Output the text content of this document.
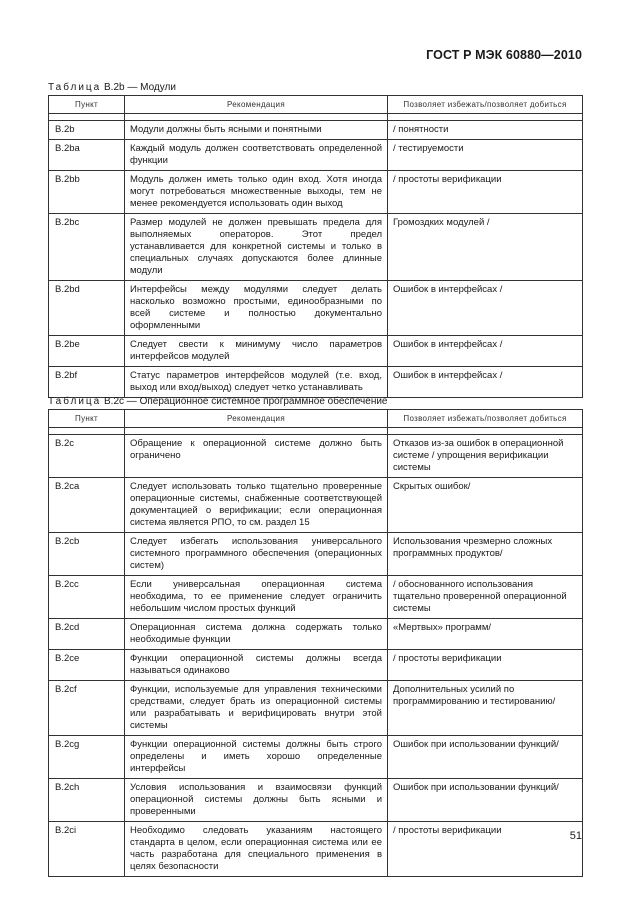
ГОСТ Р МЭК 60880—2010
Таблица B.2b — Модули
Пункт	Рекомендация	Позволяет избежать/позволяет добиться

B.2b	Модули должны быть ясными и понятными	/ понятности
B.2ba	Каждый модуль должен соответствовать определенной функции	/ тестируемости
B.2bb	Модуль должен иметь только один вход. Хотя иногда могут потребоваться множественные выходы, тем не менее рекомендуется использовать один выход	/ простоты верификации
B.2bc	Размер модулей не должен превышать предела для выполняемых операторов. Этот предел устанавливается для конкретной системы и только в специальных случаях допускаются более длинные модули	Громоздких модулей /
B.2bd	Интерфейсы между модулями следует делать насколько возможно простыми, единообразными по всей системе и полностью документально оформленными	Ошибок в интерфейсах /
B.2be	Следует свести к минимуму число параметров интерфейсов модулей	Ошибок в интерфейсах /
B.2bf	Статус параметров интерфейсов модулей (т.е. вход, выход или вход/выход) следует четко устанавливать	Ошибок в интерфейсах /
Таблица B.2c — Операционное системное программное обеспечение
Пункт	Рекомендация	Позволяет избежать/позволяет добиться

B.2c	Обращение к операционной системе должно быть ограничено	Отказов из-за ошибок в операционной системе / упрощения верификации системы
B.2ca	Следует использовать только тщательно проверенные операционные системы, снабженные соответствующей документацией о верификации; если операционная система является РПО, то см. раздел 15	Скрытых ошибок/
B.2cb	Следует избегать использования универсального системного программного обеспечения (операционных систем)	Использования чрезмерно сложных программных продуктов/
B.2cc	Если универсальная операционная система необходима, то ее применение следует ограничить небольшим числом простых функций	/ обоснованного использования тщательно проверенной операционной системы
B.2cd	Операционная система должна содержать только необходимые функции	«Мертвых» программ/
B.2ce	Функции операционной системы должны всегда называться одинаково	/ простоты верификации
B.2cf	Функции, используемые для управления техническими средствами, следует брать из операционной системы или разрабатывать и верифицировать внутри этой системы	Дополнительных усилий по программированию и тестированию/
B.2cg	Функции операционной системы должны быть строго определены и иметь хорошо определенные интерфейсы	Ошибок при использовании функций/
B.2ch	Условия использования и взаимосвязи функций операционной системы должны быть ясными и проверенными	Ошибок при использовании функций/
B.2ci	Необходимо следовать указаниям настоящего стандарта в целом, если операционная система или ее часть разработана для специального применения в целях безопасности	/ простоты верификации	51
